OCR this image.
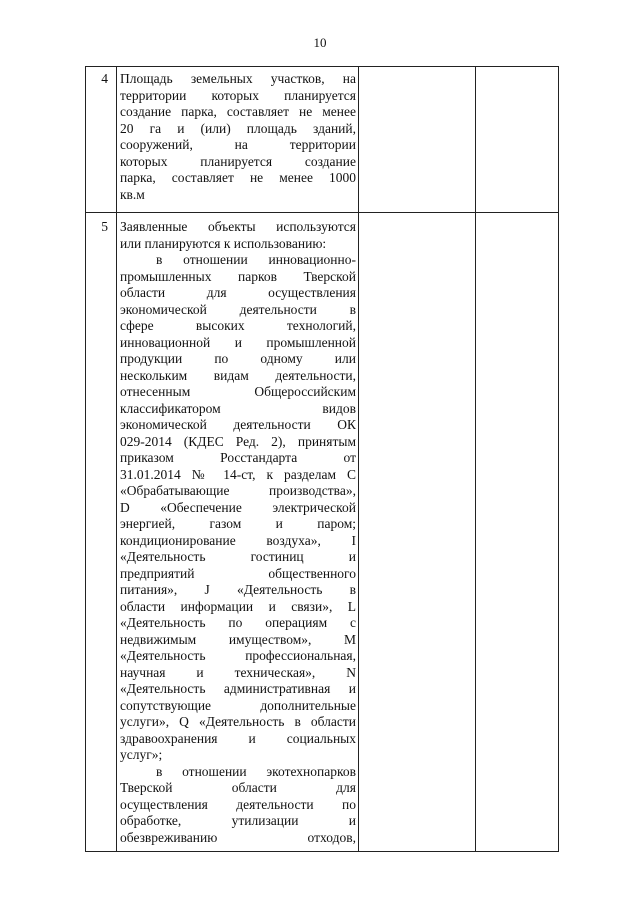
10
4 Площадь земельных участков, на
территории которых планируется
создание парка, составляет не менее
20 га и (или) площадь зданий,
сооружений, на территории
которых планируется создание
парка, составляет не менее 1000
кв.м
5 Заявленные объекты используются
или планируются к использованию:
в отношении инновационно-
промышленных парков Тверской
области для осуществления
экономической деятельности в
сфере высоких технологий,
инновационной и промышленной
продукции по одному или
нескольким видам деятельности,
отнесенным Общероссийским
классификатором видов
экономической деятельности ОК
029-2014 (КДЕС Ред. 2), принятым
приказом Росстандарта от
31.01.2014 № 14-ст, к разделам C
«Обрабатывающие производства»,
D «Обеспечение электрической
энергией, газом и паром;
кондиционирование воздуха», I
«Деятельность гостиниц и
предприятий общественного
питания», J «Деятельность в
области информации и связи», L
«Деятельность по операциям с
недвижимым имуществом», M
«Деятельность профессиональная,
научная и техническая», N
«Деятельность административная и
сопутствующие дополнительные
услуги», Q «Деятельность в области
здравоохранения и социальных
услуг»;
в отношении экотехнопарков
Тверской области для
осуществления деятельности по
обработке, утилизации и
обезвреживанию отходов,
